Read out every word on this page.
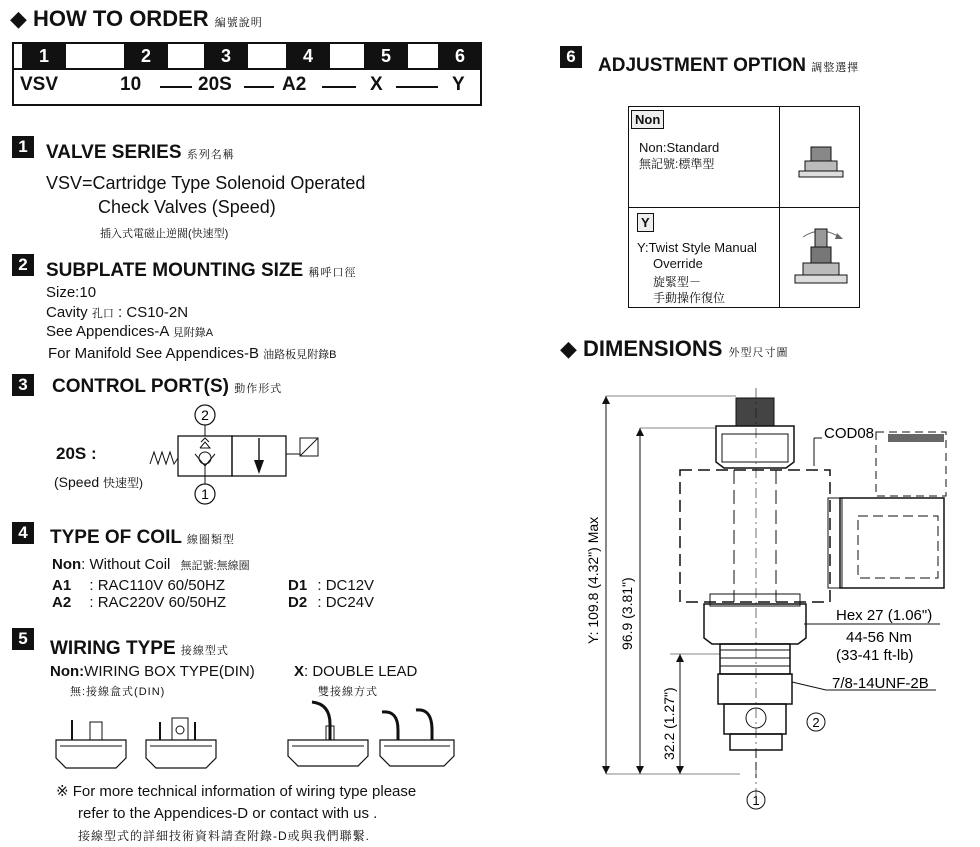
◆ HOW TO ORDER 編號說明
1	2	3	4	5	6
VSV	10	20S	A2	X	Y
1 VALVE SERIES 系列名稱
VSV=Cartridge Type Solenoid Operated
Check Valves (Speed)
插入式電磁止逆閥(快速型)
2 SUBPLATE MOUNTING SIZE 稱呼口徑
Size:10
Cavity 孔口 : CS10-2N
See Appendices-A 見附錄A
For Manifold See Appendices-B 油路板見附錄B
3	CONTROL PORT(S) 動作形式
20S :
(Speed 快速型)
2
1
4	TYPE OF COIL 線圈類型
Non: Without Coil 無記號:無線圈
A1 : RAC110V 60/50HZ
A2 : RAC220V 60/50HZ
D1 : DC12V
D2 : DC24V
5	WIRING TYPE 接線型式
Non:WIRING BOX TYPE(DIN)
無:接線盒式(DIN)
X: DOUBLE LEAD
雙接線方式
※ For more technical information of wiring type please
refer to the Appendices-D or contact with us .
接線型式的詳細技術資料請查附錄-D或與我們聯繫.
6	ADJUSTMENT OPTION 調整選擇
Non
Non:Standard
無記號:標準型
Y
Y:Twist Style Manual
Override
旋緊型－
手動操作復位
◆ DIMENSIONS 外型尺寸圖
Y: 109.8 (4.32") Max 96.9 (3.81")
32.2 (1.27")
COD08
Hex 27 (1.06")
44-56 Nm
(33-41 ft-lb)
7/8-14UNF-2B
2
1
